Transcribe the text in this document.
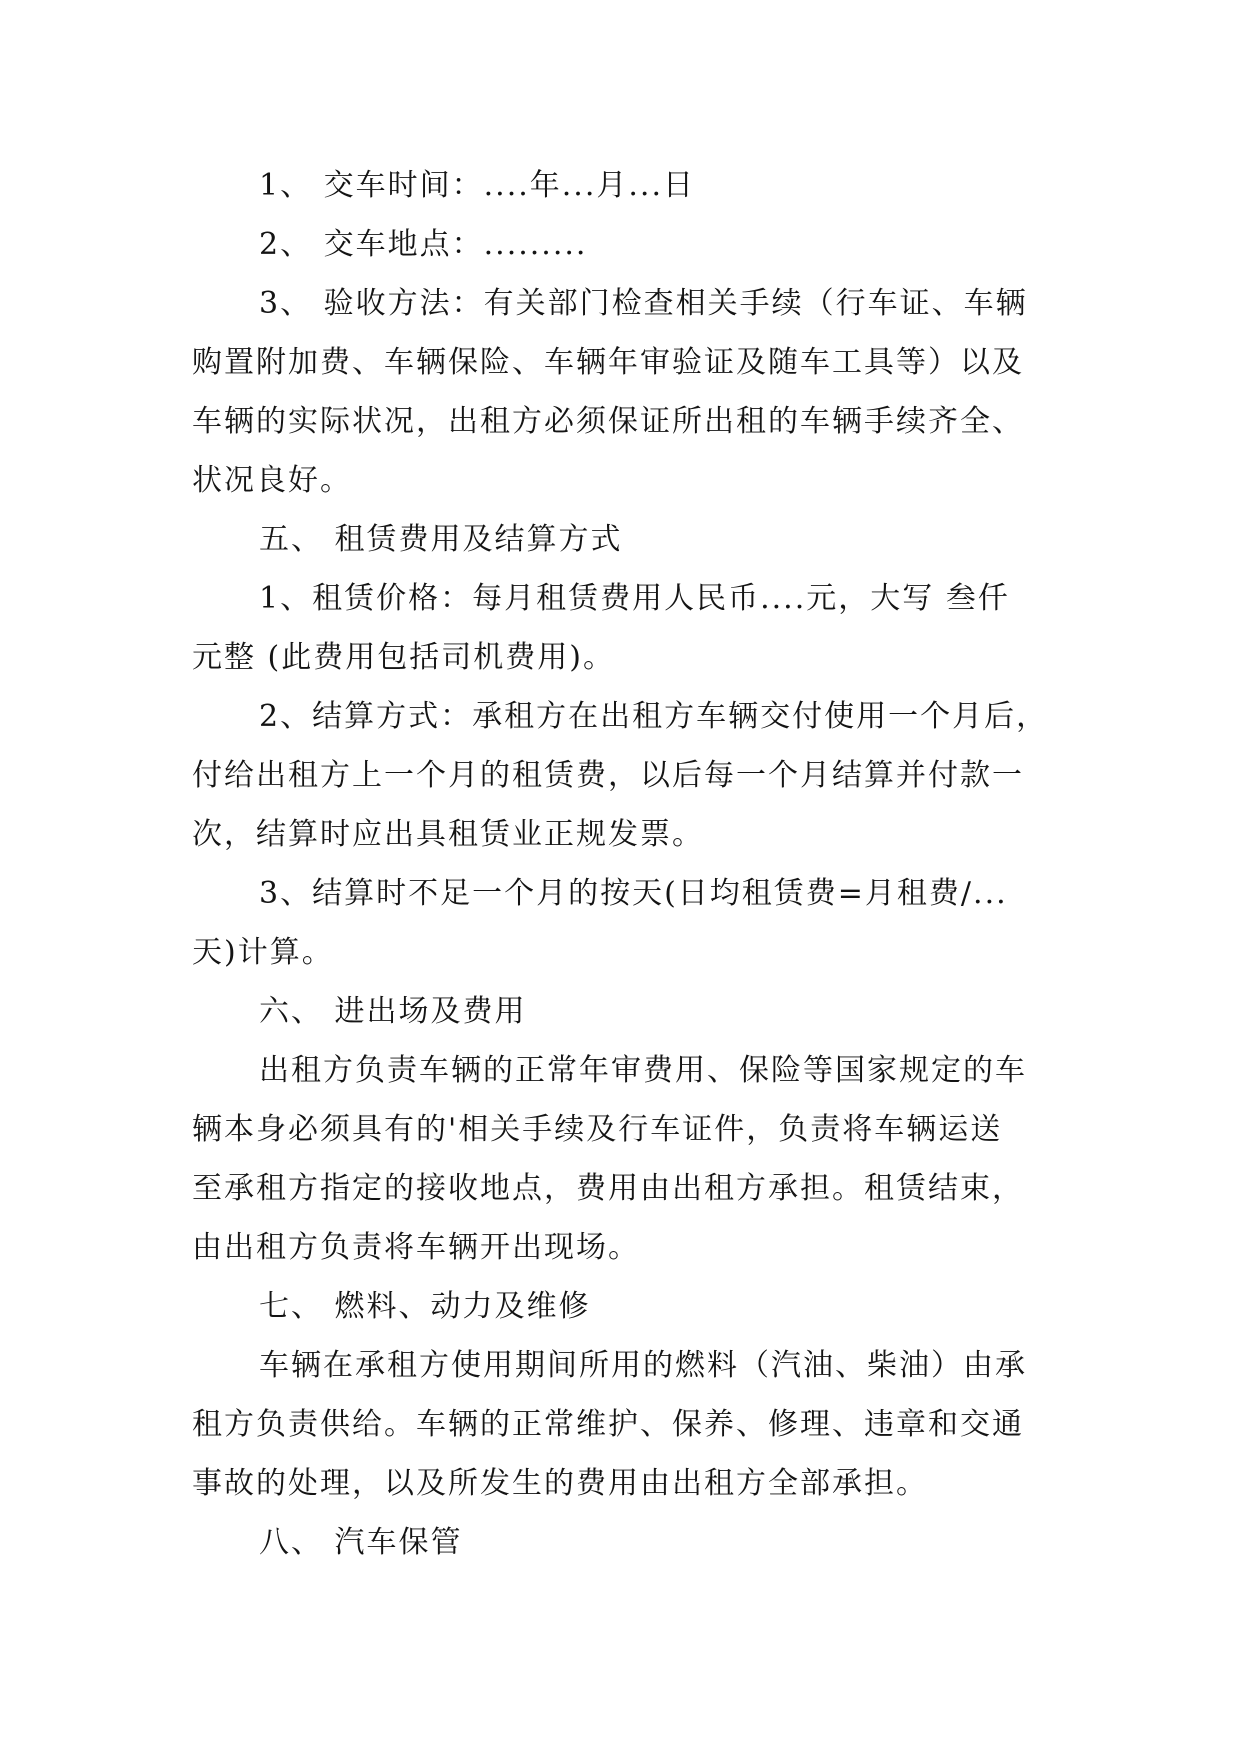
1、 交车时间：....年...月...日
2、 交车地点：.........
3、 验收方法：有关部门检查相关手续（行车证、车辆
购置附加费、车辆保险、车辆年审验证及随车工具等）以及
车辆的实际状况，出租方必须保证所出租的车辆手续齐全、
状况良好。
五、 租赁费用及结算方式
1、租赁价格：每月租赁费用人民币....元，大写 叁仟
元整 (此费用包括司机费用)。
2、结算方式：承租方在出租方车辆交付使用一个月后，
付给出租方上一个月的租赁费，以后每一个月结算并付款一
次，结算时应出具租赁业正规发票。
3、结算时不足一个月的按天(日均租赁费=月租费/...
天)计算。
六、 进出场及费用
出租方负责车辆的正常年审费用、保险等国家规定的车
辆本身必须具有的'相关手续及行车证件，负责将车辆运送
至承租方指定的接收地点，费用由出租方承担。租赁结束，
由出租方负责将车辆开出现场。
七、 燃料、动力及维修
车辆在承租方使用期间所用的燃料（汽油、柴油）由承
租方负责供给。车辆的正常维护、保养、修理、违章和交通
事故的处理，以及所发生的费用由出租方全部承担。
八、 汽车保管
